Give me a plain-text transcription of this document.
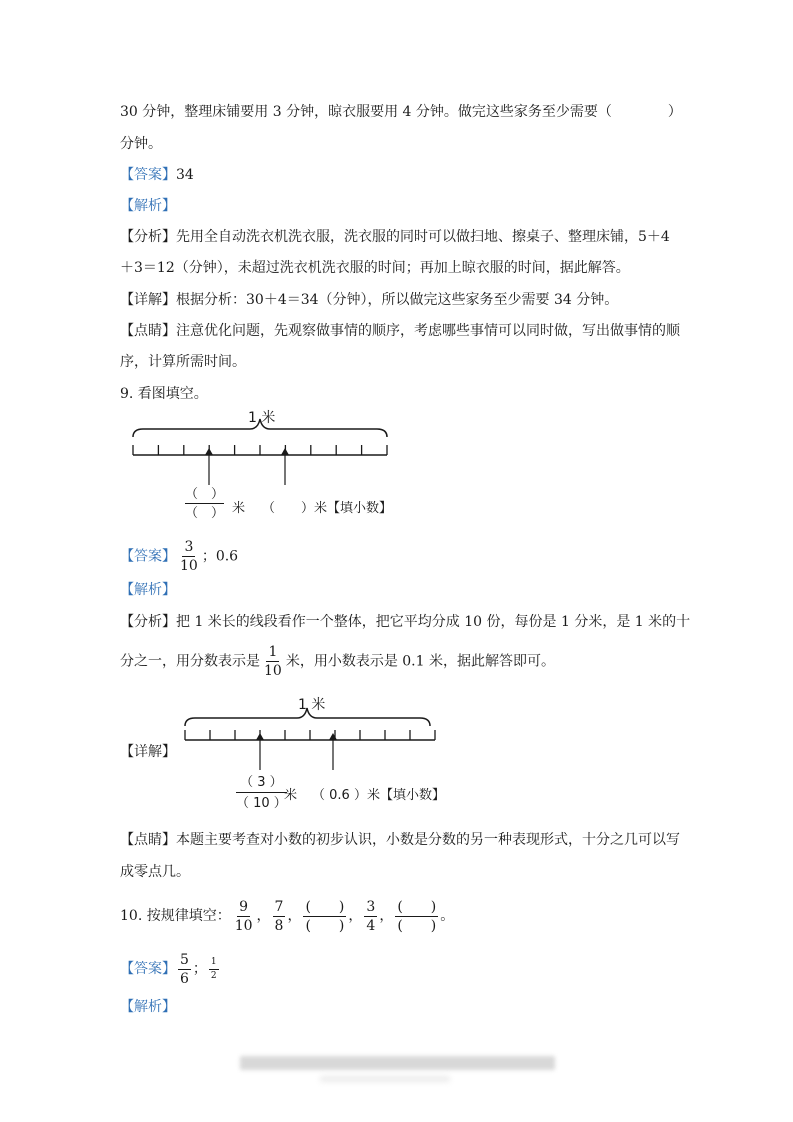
30 分钟，整理床铺要用 3 分钟，晾衣服要用 4 分钟。做完这些家务至少需要（　　　　）
分钟。
【答案】34
【解析】
【分析】先用全自动洗衣机洗衣服，洗衣服的同时可以做扫地、擦桌子、整理床铺，5＋4
＋3＝12（分钟），未超过洗衣机洗衣服的时间；再加上晾衣服的时间，据此解答。
【详解】根据分析：30＋4＝34（分钟），所以做完这些家务至少需要 34 分钟。
【点睛】注意优化问题，先观察做事情的顺序，考虑哪些事情可以同时做，写出做事情的顺
序，计算所需时间。
9. 看图填空。
1 米
（　）
（　） 米 （　　）米【填小数】
【答案】 $\frac{3}{10}$ ；0.6
【解析】
【分析】把 1 米长的线段看作一个整体，把它平均分成 10 份，每份是 1 分米，是 1 米的十
分之一，用分数表示是 $\frac{1}{10}$ 米，用小数表示是 0.1 米，据此解答即可。
【详解】
1 米
$\frac{( 3 )}{( 10 )}$
米 （ 0.6 ）米【填小数】
【点睛】本题主要考查对小数的初步认识，小数是分数的另一种表现形式，十分之几可以写
成零点几。
10. 按规律填空： $\frac{9}{10}$ ， $\frac{7}{8}$ ， $\frac{( )}{( )}$ ， $\frac{3}{4}$ ， $\frac{( )}{( )}$ 。
【答案】 $\frac{5}{6}$ ； $\frac{1}{2}$
【解析】
